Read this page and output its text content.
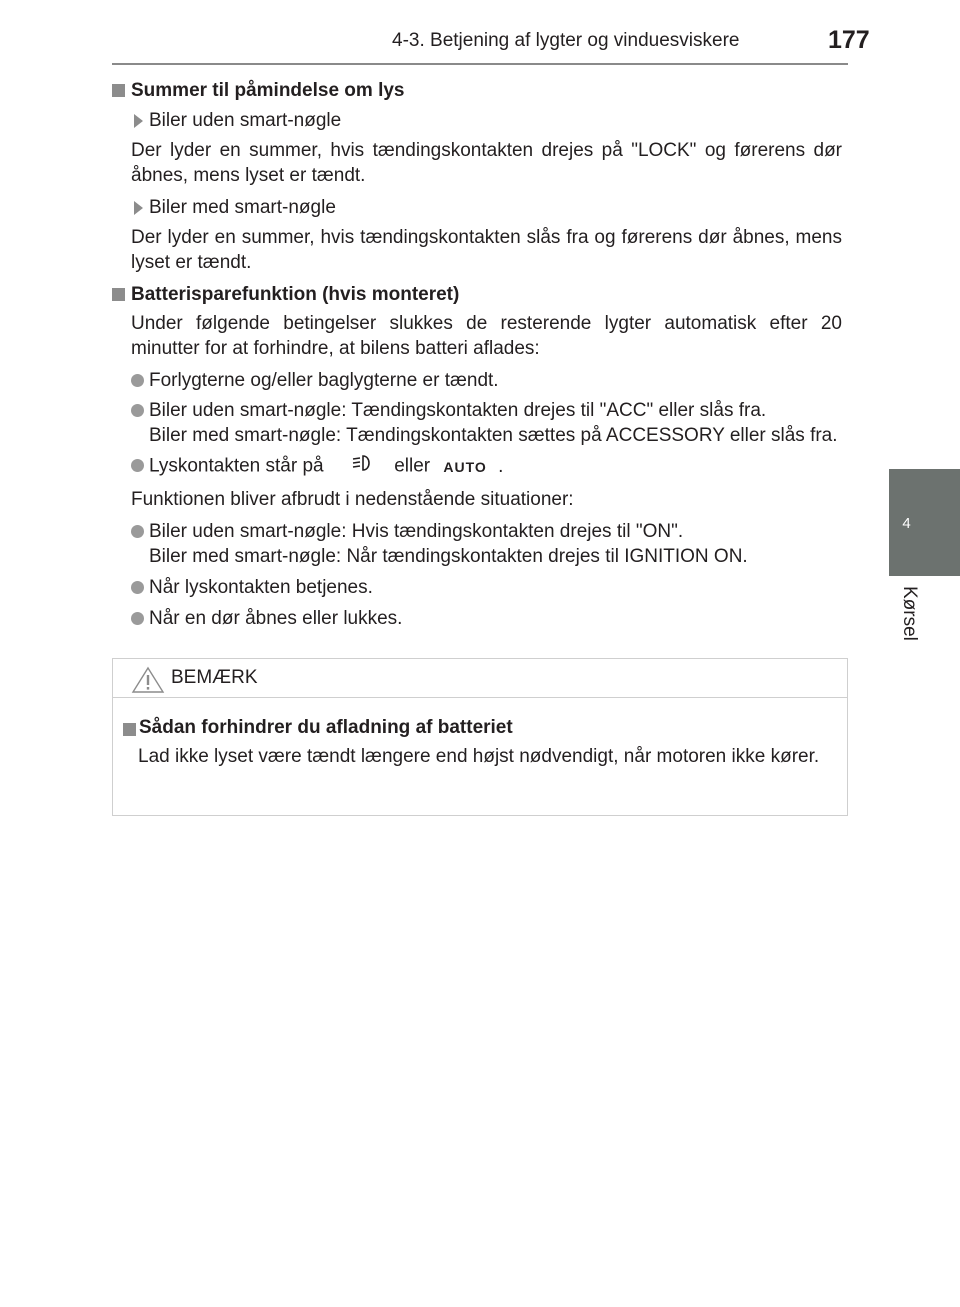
4-3. Betjening af lygter og vinduesviskere	177
4
Kørsel
Summer til påmindelse om lys
Biler uden smart-nøgle
Der lyder en summer, hvis tændingskontakten drejes på "LOCK" og førerens dør åbnes, mens lyset er tændt.
Biler med smart-nøgle
Der lyder en summer, hvis tændingskontakten slås fra og førerens dør åbnes, mens lyset er tændt.
Batterisparefunktion (hvis monteret)
Under følgende betingelser slukkes de resterende lygter automatisk efter 20 minutter for at forhindre, at bilens batteri aflades:
Forlygterne og/eller baglygterne er tændt.
Biler uden smart-nøgle: Tændingskontakten drejes til "ACC" eller slås fra.
Biler med smart-nøgle: Tændingskontakten sættes på ACCESSORY eller slås fra.
Lyskontakten står på	eller AUTO .
Funktionen bliver afbrudt i nedenstående situationer:
Biler uden smart-nøgle: Hvis tændingskontakten drejes til "ON".
Biler med smart-nøgle: Når tændingskontakten drejes til IGNITION ON.
Når lyskontakten betjenes.
Når en dør åbnes eller lukkes.
BEMÆRK
Sådan forhindrer du afladning af batteriet
Lad ikke lyset være tændt længere end højst nødvendigt, når motoren ikke kører.
